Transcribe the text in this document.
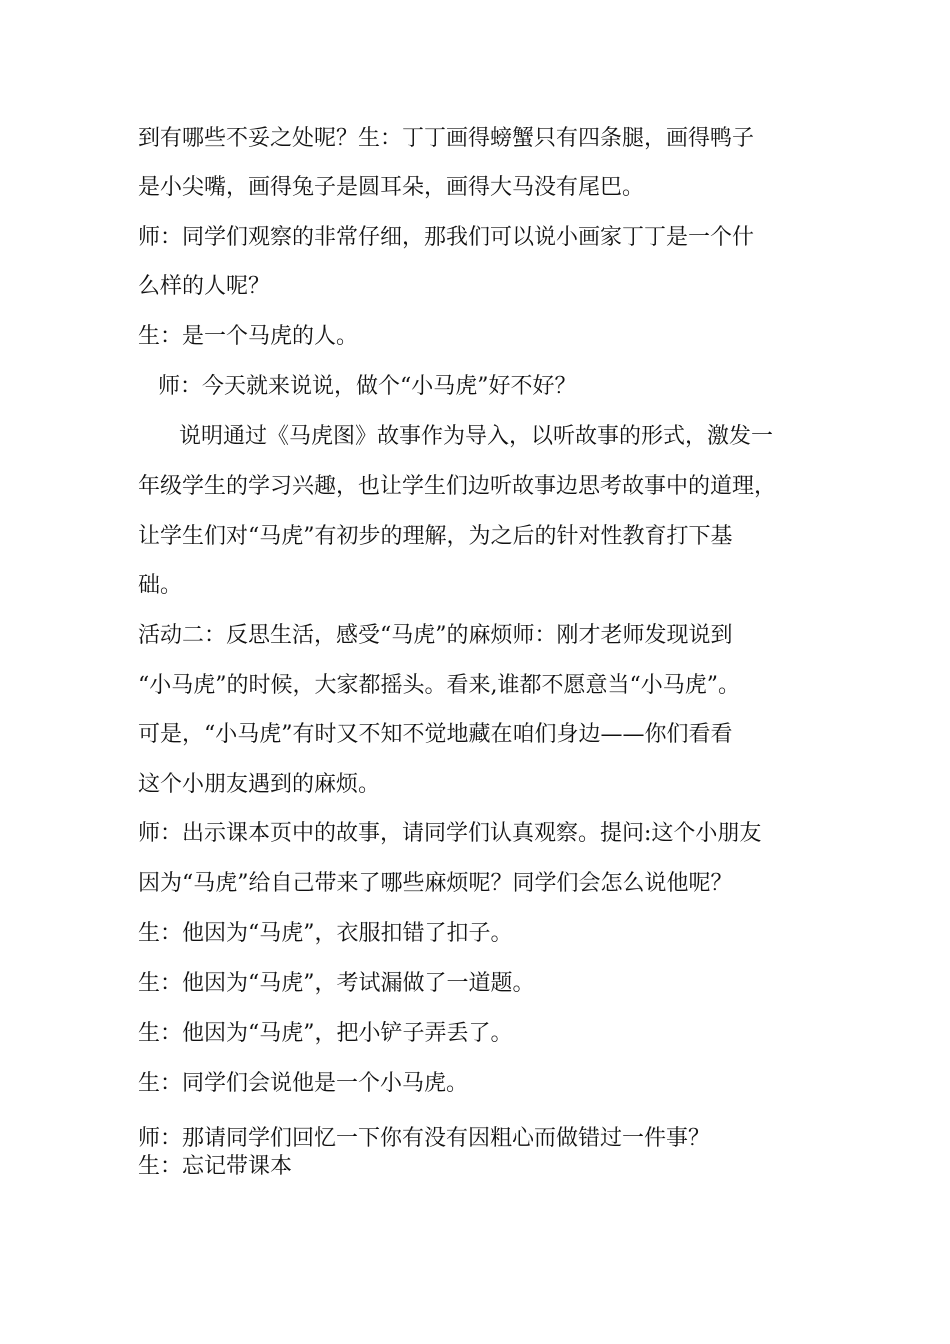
到有哪些不妥之处呢？生：丁丁画得螃蟹只有四条腿，画得鸭子

是小尖嘴，画得兔子是圆耳朵，画得大马没有尾巴。

师：同学们观察的非常仔细，那我们可以说小画家丁丁是一个什

么样的人呢？

生：是一个马虎的人。

师：今天就来说说，做个“小马虎”好不好？

说明通过《马虎图》故事作为导入，以听故事的形式，激发一

年级学生的学习兴趣，也让学生们边听故事边思考故事中的道理，

让学生们对“马虎”有初步的理解，为之后的针对性教育打下基

础。

活动二：反思生活，感受“马虎”的麻烦师：刚才老师发现说到

“小马虎”的时候，大家都摇头。看来,谁都不愿意当“小马虎”。

可是，“小马虎”有时又不知不觉地藏在咱们身边——你们看看

这个小朋友遇到的麻烦。

师：出示课本页中的故事，请同学们认真观察。提问:这个小朋友

因为“马虎”给自己带来了哪些麻烦呢？同学们会怎么说他呢？

生：他因为“马虎”，衣服扣错了扣子。

生：他因为“马虎”，考试漏做了一道题。

生：他因为“马虎”，把小铲子弄丢了。

生：同学们会说他是一个小马虎。

师：那请同学们回忆一下你有没有因粗心而做错过一件事？

生：忘记带课本
